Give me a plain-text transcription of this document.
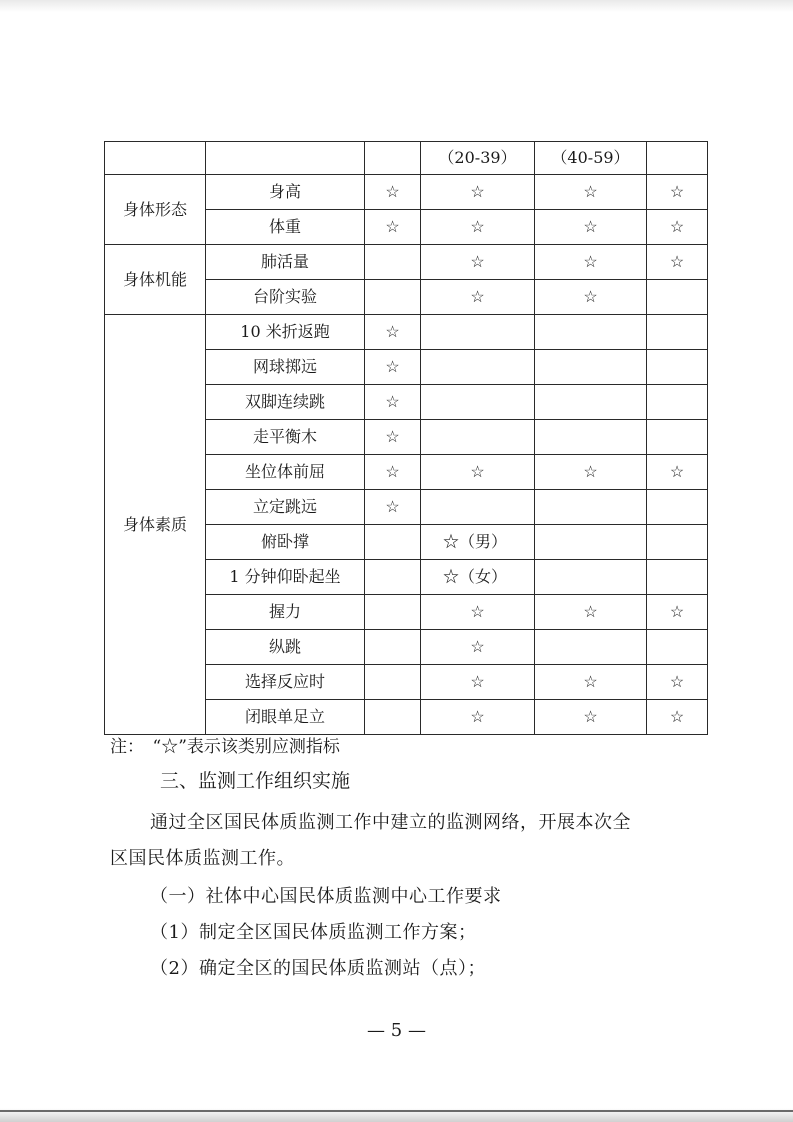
			（20-39）	（40-59）	
身体形态	身高	☆	☆	☆	☆
	体重	☆	☆	☆	☆
身体机能	肺活量		☆	☆	☆
	台阶实验		☆	☆	
身体素质	10 米折返跑	☆			
	网球掷远	☆			
	双脚连续跳	☆			
	走平衡木	☆			
	坐位体前屈	☆	☆	☆	☆
	立定跳远	☆			
	俯卧撑		☆（男）		
	1 分钟仰卧起坐		☆（女）		
	握力		☆	☆	☆
	纵跳		☆		
	选择反应时		☆	☆	☆
	闭眼单足立		☆	☆	☆
注：　“☆”表示该类别应测指标
三、监测工作组织实施
通过全区国民体质监测工作中建立的监测网络，开展本次全
区国民体质监测工作。
（一）社体中心国民体质监测中心工作要求
（1）制定全区国民体质监测工作方案；
（2）确定全区的国民体质监测站（点）；
— 5 —
